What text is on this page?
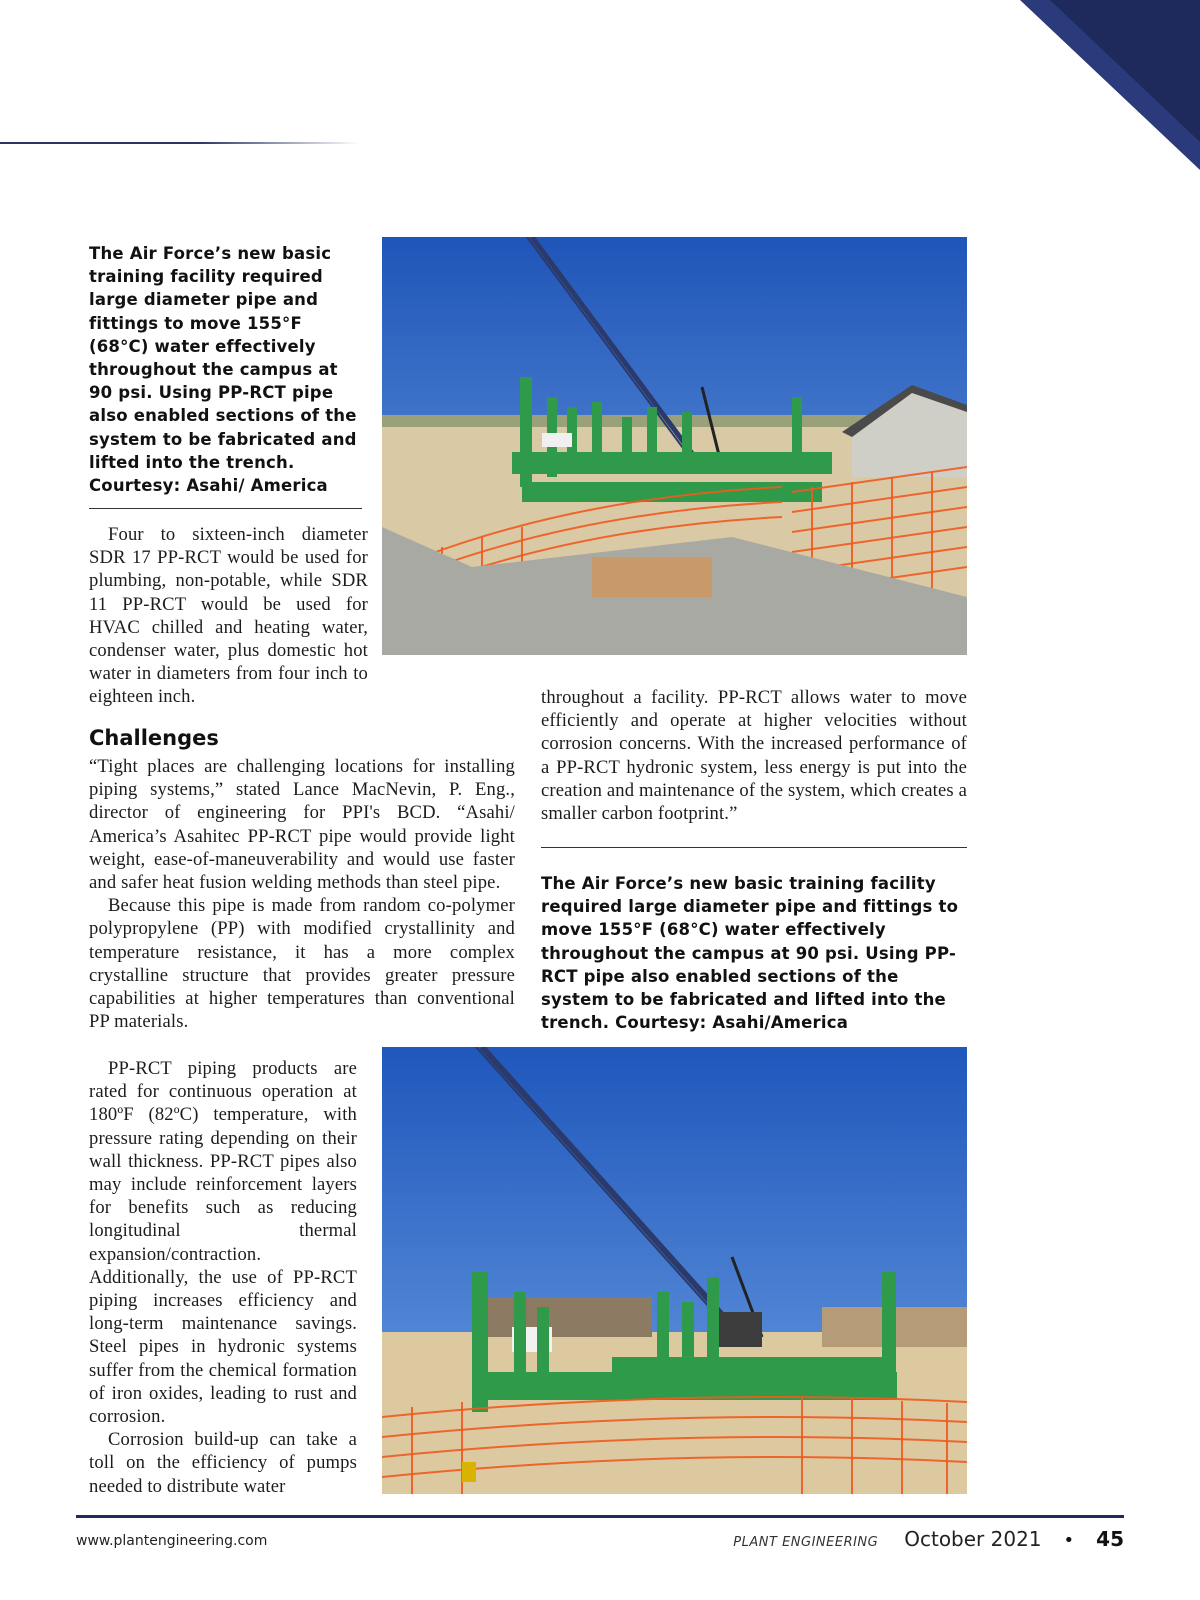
The Air Force’s new basic training facility required large diameter pipe and fittings to move 155°F (68°C) water effectively throughout the campus at 90 psi. Using PP-RCT pipe also enabled sections of the system to be fabricated and lifted into the trench. Courtesy: Asahi/ America

Four to sixteen-inch diameter SDR 17 PP-RCT would be used for plumbing, non-potable, while SDR 11 PP-RCT would be used for HVAC chilled and heating water, condenser water, plus domestic hot water in diameters from four inch to eighteen inch.

Challenges

“Tight places are challenging locations for installing piping systems,” stated Lance MacNevin, P. Eng., director of engineering for PPI's BCD. “Asahi/ America’s Asahitec PP-RCT pipe would provide light weight, ease-of-maneuverability and would use faster and safer heat fusion welding methods than steel pipe.

Because this pipe is made from random co-polymer polypropylene (PP) with modified crystallinity and temperature resistance, it has a more complex crystalline structure that provides greater pressure capabilities at higher temperatures than conventional PP materials.

PP-RCT piping products are rated for continuous operation at 180ºF (82ºC) temperature, with pressure rating depending on their wall thickness. PP-RCT pipes also may include reinforcement layers for benefits such as reducing longitudinal thermal expansion/contraction. Additionally, the use of PP-RCT piping increases efficiency and long-term maintenance savings. Steel pipes in hydronic systems suffer from the chemical formation of iron oxides, leading to rust and corrosion.

Corrosion build-up can take a toll on the efficiency of pumps needed to distribute water

throughout a facility. PP-RCT allows water to move efficiently and operate at higher velocities without corrosion concerns. With the increased performance of a PP-RCT hydronic system, less energy is put into the creation and maintenance of the system, which creates a smaller carbon footprint.”

The Air Force’s new basic training facility required large diameter pipe and fittings to move 155°F (68°C) water effectively throughout the campus at 90 psi. Using PP-RCT pipe also enabled sections of the system to be fabricated and lifted into the trench. Courtesy: Asahi/America

www.plantengineering.com	PLANT ENGINEERING October 2021 • 45
